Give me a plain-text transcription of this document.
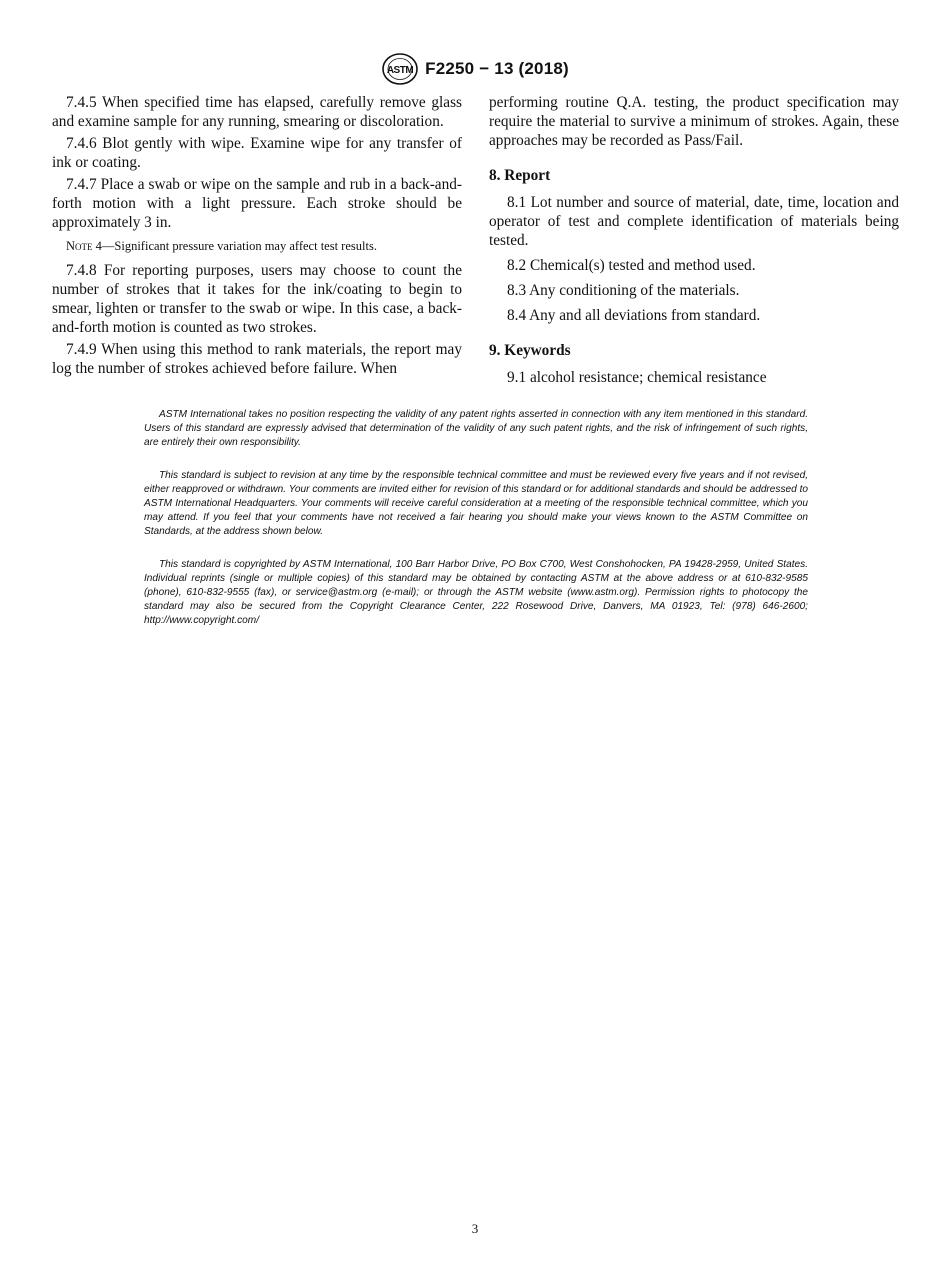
ASTM F2250 − 13 (2018)

7.4.5 When specified time has elapsed, carefully remove glass and examine sample for any running, smearing or discoloration.

7.4.6 Blot gently with wipe. Examine wipe for any transfer of ink or coating.

7.4.7 Place a swab or wipe on the sample and rub in a back-and-forth motion with a light pressure. Each stroke should be approximately 3 in.

Note 4—Significant pressure variation may affect test results.

7.4.8 For reporting purposes, users may choose to count the number of strokes that it takes for the ink/coating to begin to smear, lighten or transfer to the swab or wipe. In this case, a back-and-forth motion is counted as two strokes.

7.4.9 When using this method to rank materials, the report may log the number of strokes achieved before failure. When

performing routine Q.A. testing, the product specification may require the material to survive a minimum of strokes. Again, these approaches may be recorded as Pass/Fail.

8. Report

8.1 Lot number and source of material, date, time, location and operator of test and complete identification of materials being tested.

8.2 Chemical(s) tested and method used.

8.3 Any conditioning of the materials.

8.4 Any and all deviations from standard.

9. Keywords

9.1 alcohol resistance; chemical resistance

ASTM International takes no position respecting the validity of any patent rights asserted in connection with any item mentioned in this standard. Users of this standard are expressly advised that determination of the validity of any such patent rights, and the risk of infringement of such rights, are entirely their own responsibility.

This standard is subject to revision at any time by the responsible technical committee and must be reviewed every five years and if not revised, either reapproved or withdrawn. Your comments are invited either for revision of this standard or for additional standards and should be addressed to ASTM International Headquarters. Your comments will receive careful consideration at a meeting of the responsible technical committee, which you may attend. If you feel that your comments have not received a fair hearing you should make your views known to the ASTM Committee on Standards, at the address shown below.

This standard is copyrighted by ASTM International, 100 Barr Harbor Drive, PO Box C700, West Conshohocken, PA 19428-2959, United States. Individual reprints (single or multiple copies) of this standard may be obtained by contacting ASTM at the above address or at 610-832-9585 (phone), 610-832-9555 (fax), or service@astm.org (e-mail); or through the ASTM website (www.astm.org). Permission rights to photocopy the standard may also be secured from the Copyright Clearance Center, 222 Rosewood Drive, Danvers, MA 01923, Tel: (978) 646-2600; http://www.copyright.com/

3
